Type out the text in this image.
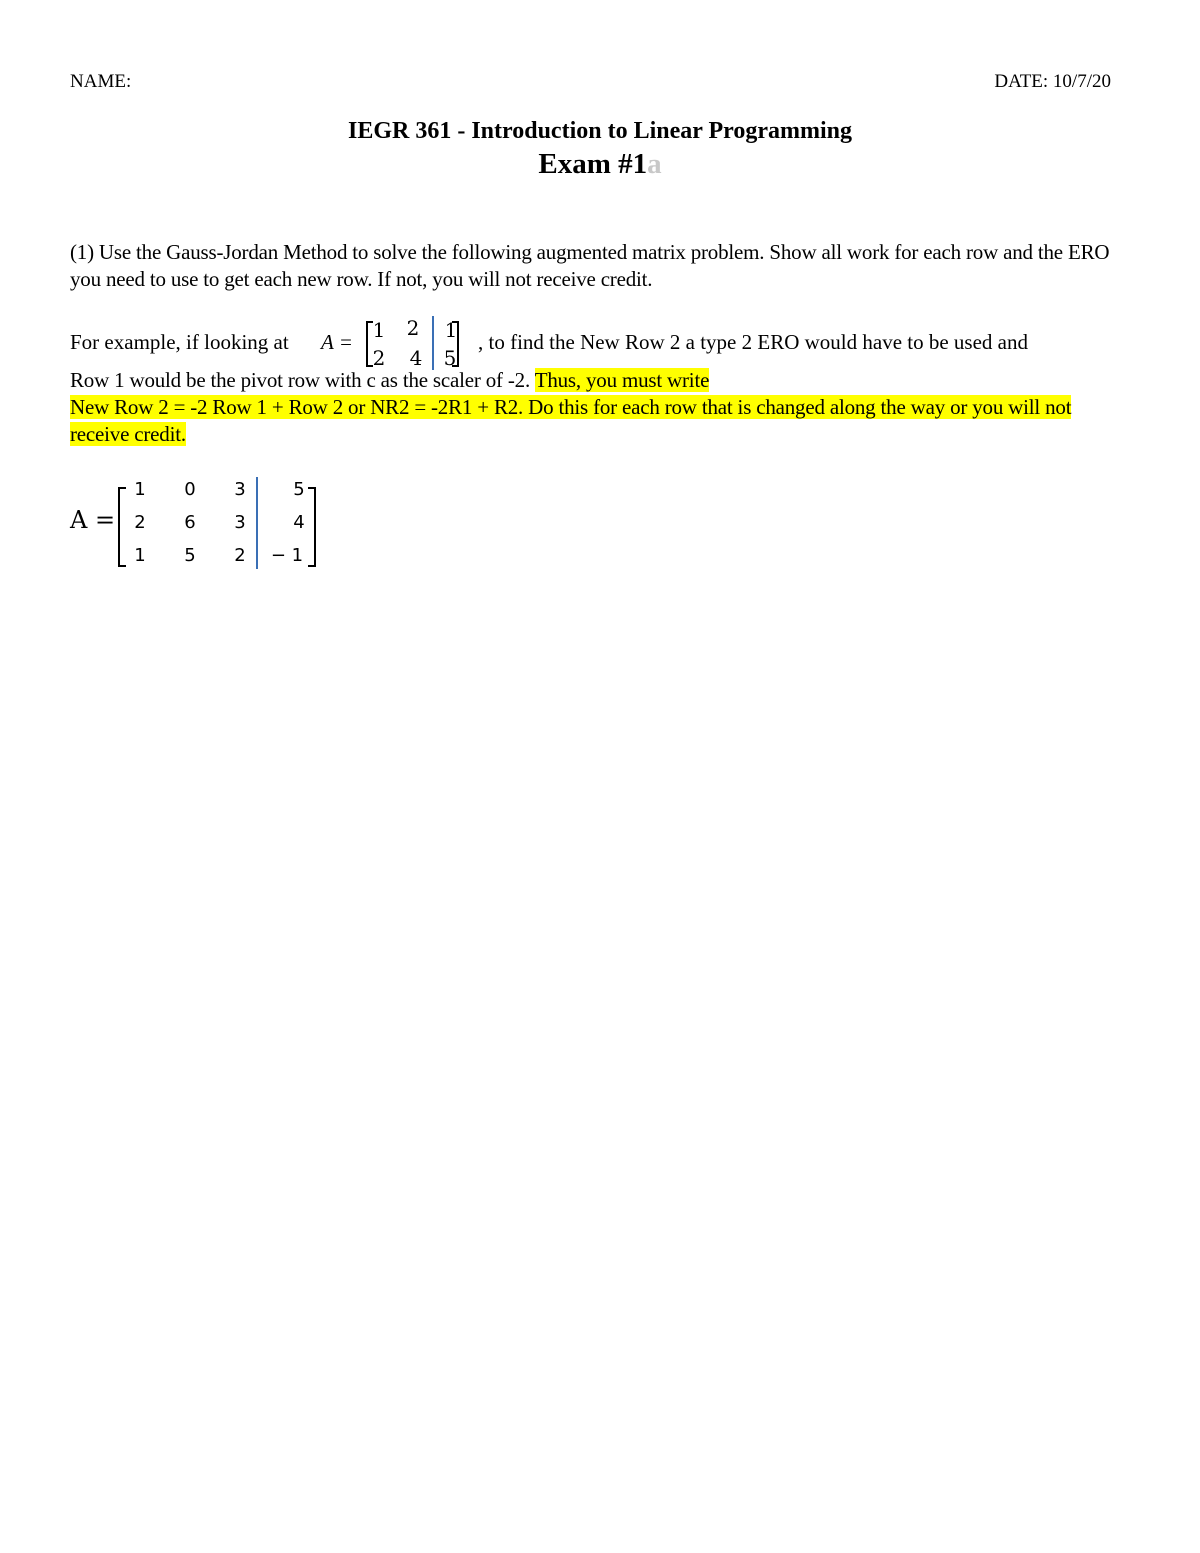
NAME:	DATE: 10/7/20
IEGR 361 - Introduction to Linear Programming
Exam #1a
(1) Use the Gauss-Jordan Method to solve the following augmented matrix problem. Show all work for each row and the ERO you need to use to get each new row. If not, you will not receive credit.
For example, if looking at A = 1 2 1
2 4 5
, to find the New Row 2 a type 2 ERO would have to be used and
Row 1 would be the pivot row with c as the scaler of -2. Thus, you must write
New Row 2 = -2 Row 1 + Row 2 or NR2 = -2R1 + R2. Do this for each row that is changed along the way or you will not receive credit.
A =
1	0	3	5
2	6	3	4
1	5	2	− 1
